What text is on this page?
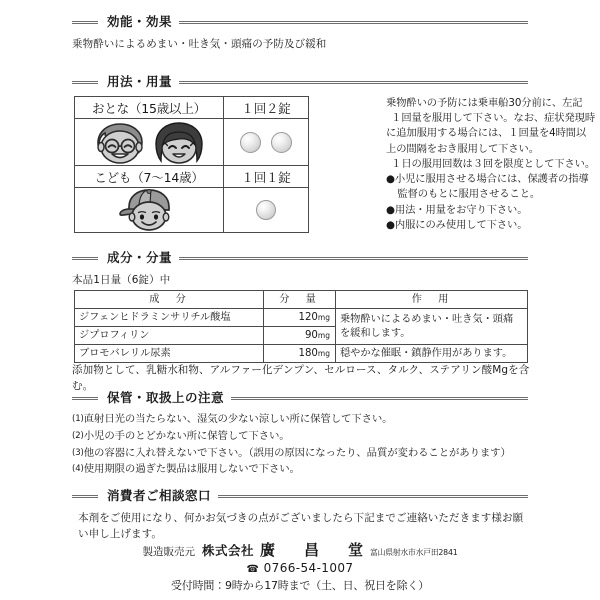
効能・効果
乗物酔いによるめまい・吐き気・頭痛の予防及び緩和
用法・用量
おとな（15歳以上）	１回２錠

こども（7〜14歳）	１回１錠

乗物酔いの予防には乗車船30分前に、左記

１回量を服用して下さい。なお、症状発現時

に追加服用する場合には、１回量を4時間以

上の間隔をおき服用して下さい。

１日の服用回数は３回を限度として下さい。

●小児に服用させる場合には、保護者の指導

監督のもとに服用させること。

●用法・用量をお守り下さい。

●内服にのみ使用して下さい。

成分・分量
本品1日量（6錠）中
成　分	分　量	作　用
ジフェンヒドラミンサリチル酸塩	120mg	乗物酔いによるめまい・吐き気・頭痛を緩和します。
ジプロフィリン	90mg	
ブロモバレリル尿素	180mg	穏やかな催眠・鎮静作用があります。
添加物として、乳糖水和物、アルファー化デンプン、セルロース、タルク、ステアリン酸Mgを含む。
保管・取扱上の注意

(1)直射日光の当たらない、湿気の少ない涼しい所に保管して下さい。

(2)小児の手のとどかない所に保管して下さい。

(3)他の容器に入れ替えないで下さい。（誤用の原因になったり、品質が変わることがあります）

(4)使用期限の過ぎた製品は服用しないで下さい。

消費者ご相談窓口
本剤をご使用になり、何かお気づきの点がございましたら下記までご連絡いただきます様お願い申し上げます。
製造販売元 株式会社 廣　昌　堂富山県射水市水戸田2841
☎ 0766-54-1007
受付時間：9時から17時まで（土、日、祝日を除く）
